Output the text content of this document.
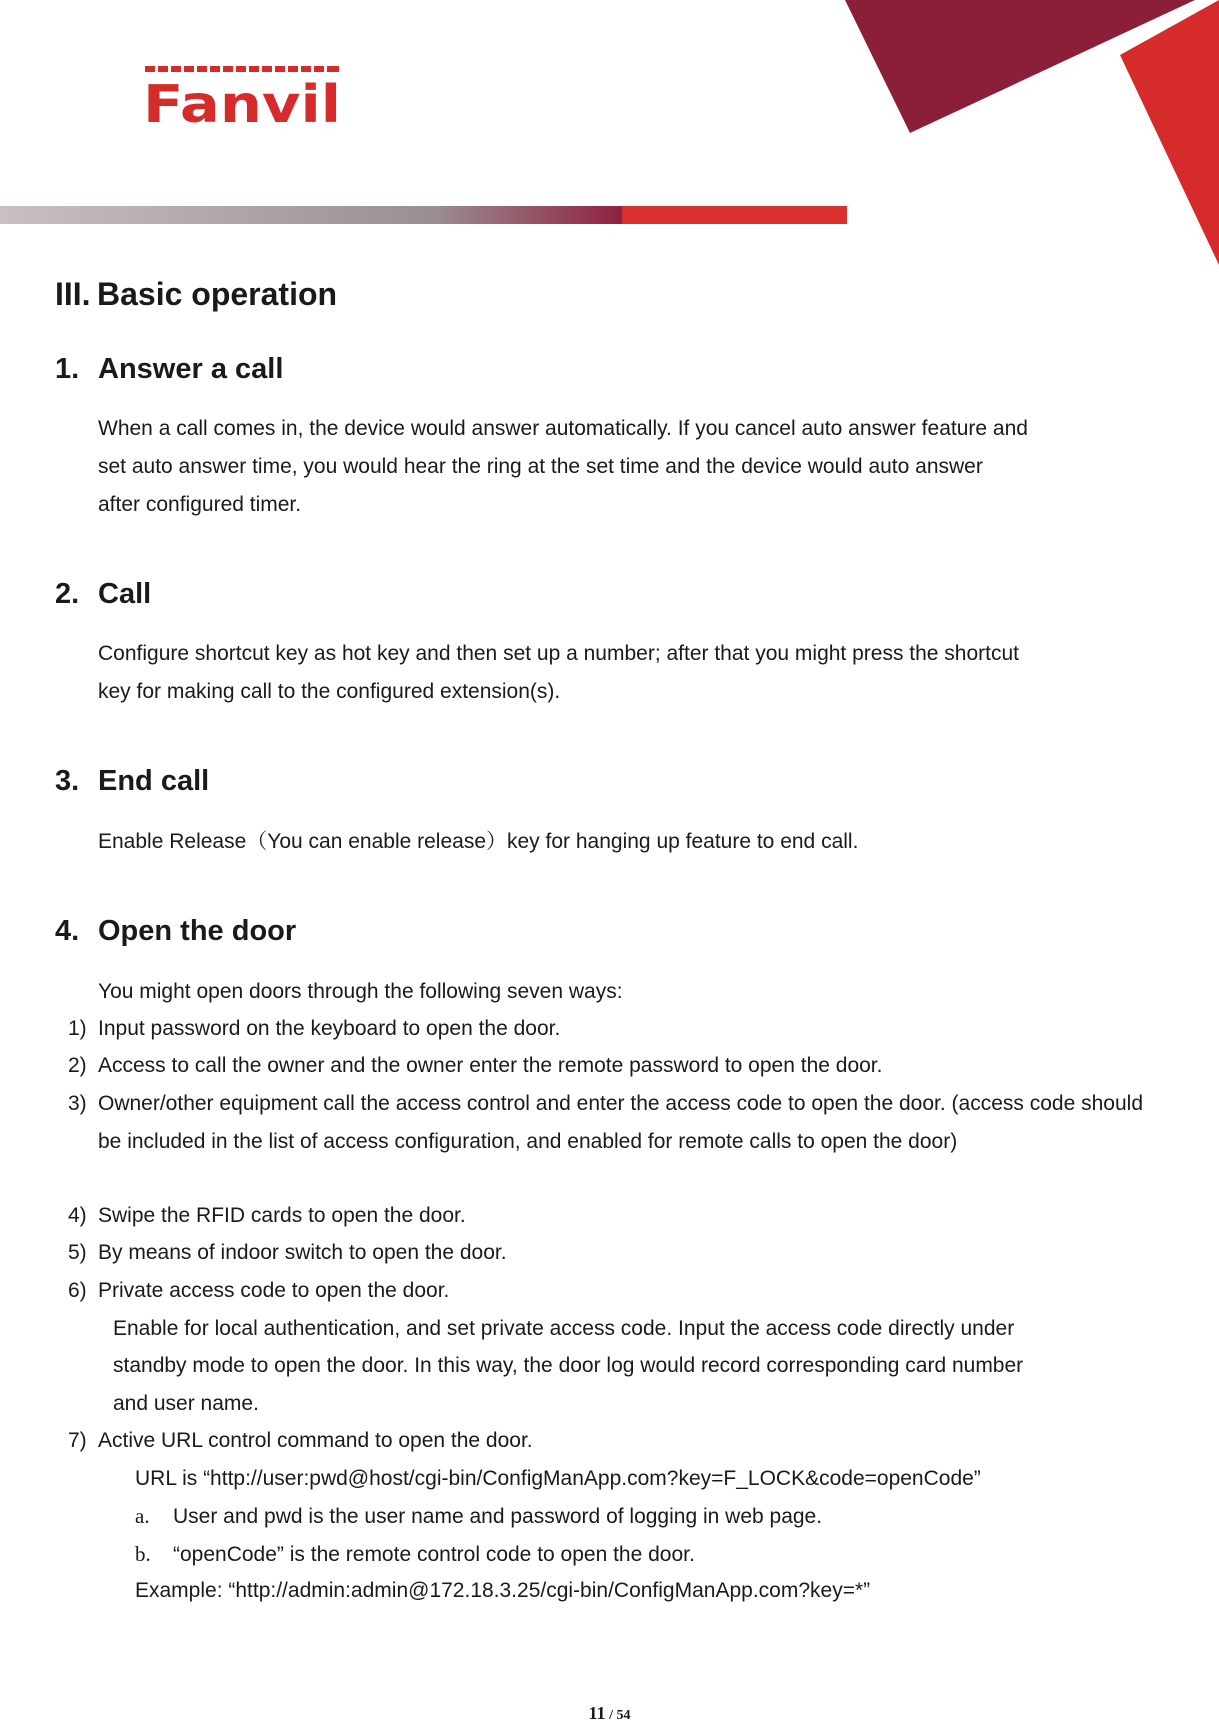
Fanvil
III. Basic operation
1. Answer a call

When a call comes in, the device would answer automatically. If you cancel auto answer feature and

set auto answer time, you would hear the ring at the set time and the device would auto answer

after configured timer.

2. Call

Configure shortcut key as hot key and then set up a number; after that you might press the shortcut

key for making call to the configured extension(s).

3. End call

Enable Release（You can enable release）key for hanging up feature to end call.

4. Open the door

You might open doors through the following seven ways:

1) Input password on the keyboard to open the door.
2) Access to call the owner and the owner enter the remote password to open the door.
3) Owner/other equipment call the access control and enter the access code to open the door. (access code should be included in the list of access configuration, and enabled for remote calls to open the door)
4) Swipe the RFID cards to open the door.
5) By means of indoor switch to open the door.
6) Private access code to open the door.

Enable for local authentication, and set private access code. Input the access code directly under

standby mode to open the door. In this way, the door log would record corresponding card number

and user name.

7) Active URL control command to open the door.

URL is “http://user:pwd@host/cgi-bin/ConfigManApp.com?key=F_LOCK&code=openCode”

a. User and pwd is the user name and password of logging in web page.
b. “openCode” is the remote control code to open the door.

Example: “http://admin:admin@172.18.3.25/cgi-bin/ConfigManApp.com?key=*”

11 / 54
